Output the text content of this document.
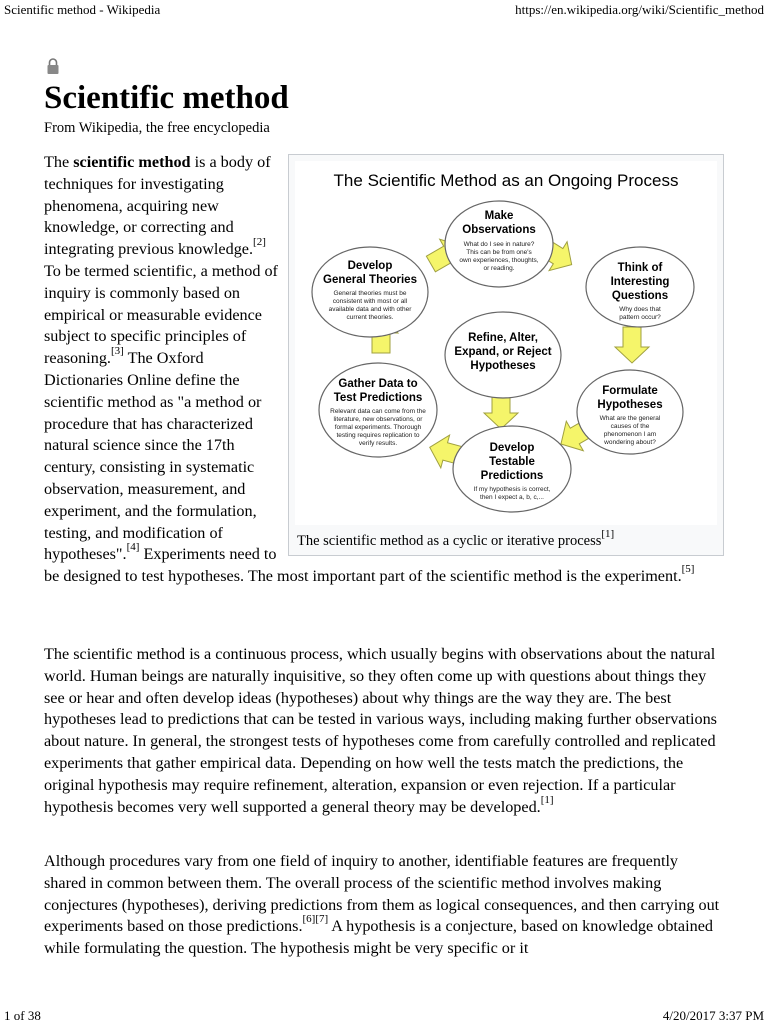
Scientific method - Wikipedia	https://en.wikipedia.org/wiki/Scientific_method
Scientific method
From Wikipedia, the free encyclopedia
The Scientific Method as an Ongoing Process
Make
Observations
Think of
Interesting
Questions
Formulate
Hypotheses
Develop
Testable
Predictions
Gather Data to
Test Predictions
Develop
General Theories
Refine, Alter,
Expand, or Reject
Hypotheses
What do I see in nature?
This can be from one's
own experiences, thoughts,
or reading.
Why does that
pattern occur?
What are the general
causes of the
phenomenon I am
wondering about?
If my hypothesis is correct,
then I expect a, b, c,...
Relevant data can come from the
literature, new observations, or
formal experiments. Thorough
testing requires replication to
verify results.
General theories must be
consistent with most or all
available data and with other
current theories.
The scientific method as a cyclic or iterative process[1]
The scientific method is a body of techniques for investigating phenomena, acquiring new knowledge, or correcting and integrating previous knowledge.[2] To be termed scientific, a method of inquiry is commonly based on empirical or measurable evidence subject to specific principles of reasoning.[3] The Oxford Dictionaries Online define the scientific method as "a method or procedure that has characterized natural science since the 17th century, consisting in systematic observation, measurement, and experiment, and the formulation, testing, and modification of hypotheses".[4] Experiments need to be designed to test hypotheses. The most important part of the scientific method is the experiment.[5]

The scientific method is a continuous process, which usually begins with observations about the natural world. Human beings are naturally inquisitive, so they often come up with questions about things they see or hear and often develop ideas (hypotheses) about why things are the way they are. The best hypotheses lead to predictions that can be tested in various ways, including making further observations about nature. In general, the strongest tests of hypotheses come from carefully controlled and replicated experiments that gather empirical data. Depending on how well the tests match the predictions, the original hypothesis may require refinement, alteration, expansion or even rejection. If a particular hypothesis becomes very well supported a general theory may be developed.[1]

Although procedures vary from one field of inquiry to another, identifiable features are frequently shared in common between them. The overall process of the scientific method involves making conjectures (hypotheses), deriving predictions from them as logical consequences, and then carrying out experiments based on those predictions.[6][7] A hypothesis is a conjecture, based on knowledge obtained while formulating the question. The hypothesis might be very specific or it

1 of 38	4/20/2017 3:37 PM
